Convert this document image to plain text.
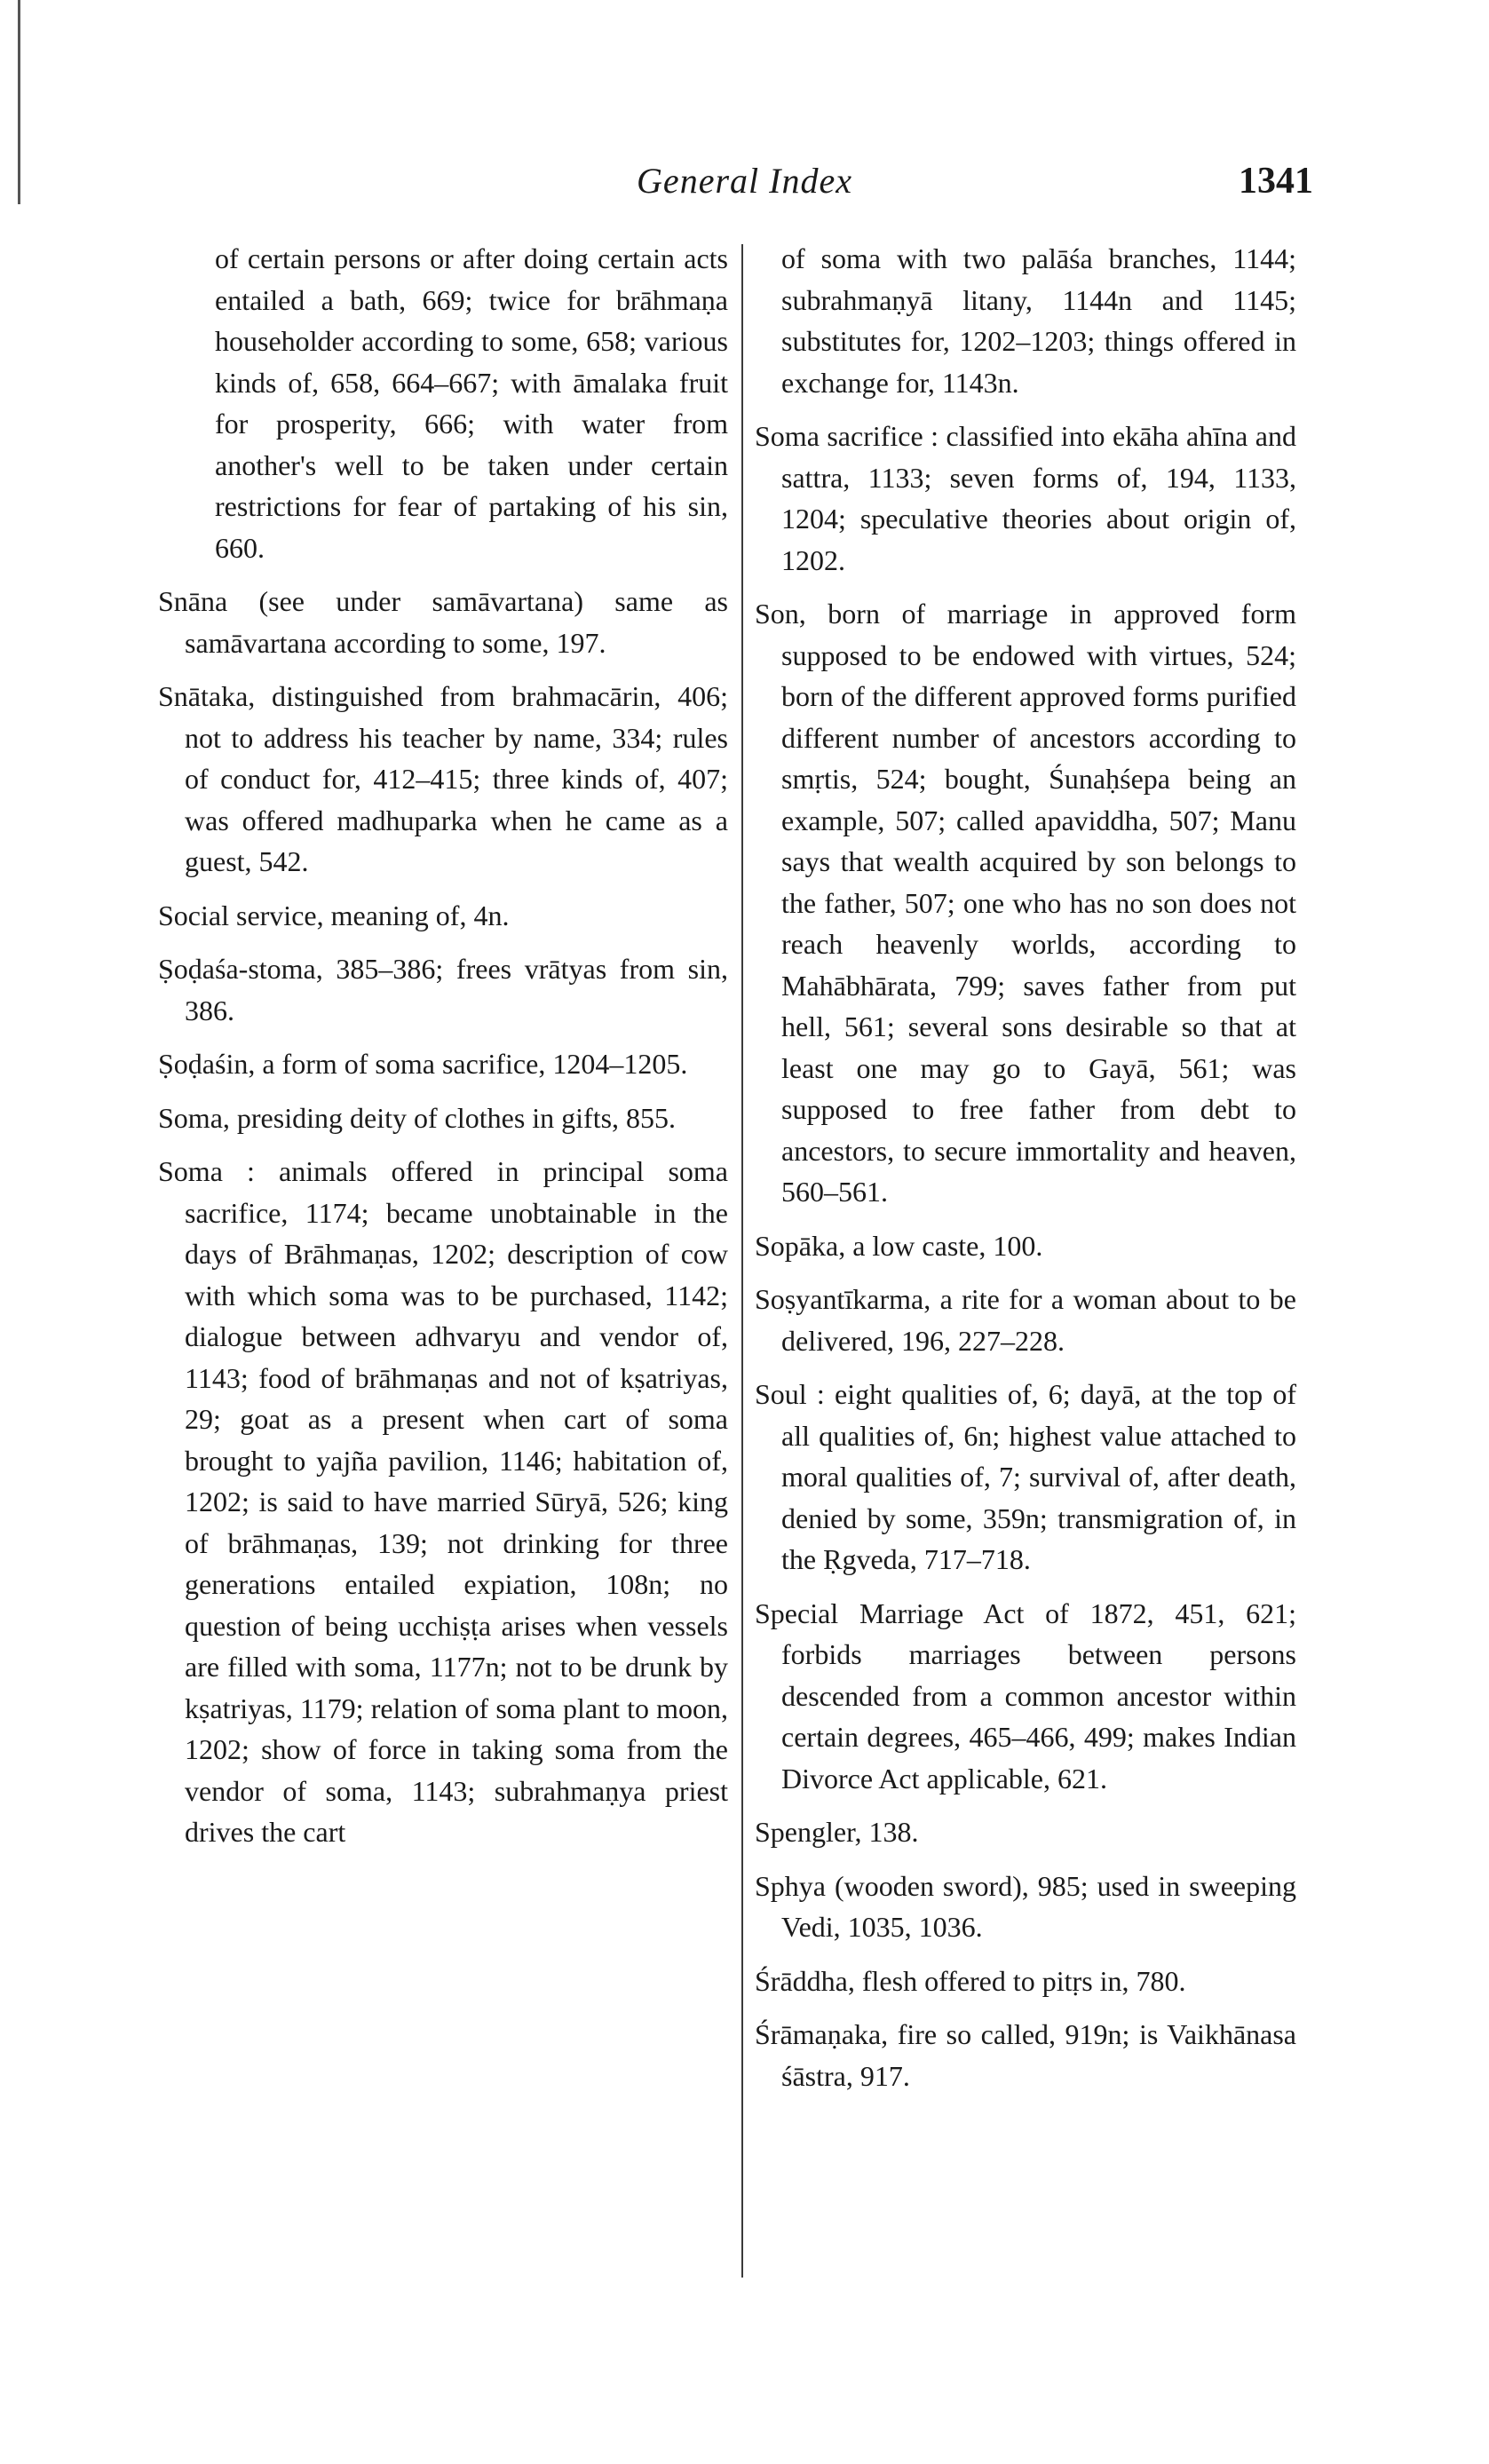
General Index	1341

of certain persons or after doing certain acts entailed a bath, 669; twice for brāhmaṇa householder according to some, 658; various kinds of, 658, 664–667; with āmalaka fruit for prosperity, 666; with water from another's well to be taken under certain restrictions for fear of partaking of his sin, 660.

Snāna (see under samāvartana) same as samāvartana according to some, 197.

Snātaka, distinguished from brahmacārin, 406; not to address his teacher by name, 334; rules of conduct for, 412–415; three kinds of, 407; was offered madhuparka when he came as a guest, 542.

Social service, meaning of, 4n.

Ṣoḍaśa-stoma, 385–386; frees vrātyas from sin, 386.

Ṣoḍaśin, a form of soma sacrifice, 1204–1205.

Soma, presiding deity of clothes in gifts, 855.

Soma : animals offered in principal soma sacrifice, 1174; became unobtainable in the days of Brāhmaṇas, 1202; description of cow with which soma was to be purchased, 1142; dialogue between adhvaryu and vendor of, 1143; food of brāhmaṇas and not of kṣatriyas, 29; goat as a present when cart of soma brought to yajña pavilion, 1146; habitation of, 1202; is said to have married Sūryā, 526; king of brāhmaṇas, 139; not drinking for three generations entailed expiation, 108n; no question of being ucchiṣṭa arises when vessels are filled with soma, 1177n; not to be drunk by kṣatriyas, 1179; relation of soma plant to moon, 1202; show of force in taking soma from the vendor of soma, 1143; subrahmaṇya priest drives the cart

of soma with two palāśa branches, 1144; subrahmaṇyā litany, 1144n and 1145; substitutes for, 1202–1203; things offered in exchange for, 1143n.

Soma sacrifice : classified into ekāha ahīna and sattra, 1133; seven forms of, 194, 1133, 1204; speculative theories about origin of, 1202.

Son, born of marriage in approved form supposed to be endowed with virtues, 524; born of the different approved forms purified different number of ancestors according to smṛtis, 524; bought, Śunaḥśepa being an example, 507; called apaviddha, 507; Manu says that wealth acquired by son belongs to the father, 507; one who has no son does not reach heavenly worlds, according to Mahābhārata, 799; saves father from put hell, 561; several sons desirable so that at least one may go to Gayā, 561; was supposed to free father from debt to ancestors, to secure immortality and heaven, 560–561.

Sopāka, a low caste, 100.

Soṣyantīkarma, a rite for a woman about to be delivered, 196, 227–228.

Soul : eight qualities of, 6; dayā, at the top of all qualities of, 6n; highest value attached to moral qualities of, 7; survival of, after death, denied by some, 359n; transmigration of, in the Ṛgveda, 717–718.

Special Marriage Act of 1872, 451, 621; forbids marriages between persons descended from a common ancestor within certain degrees, 465–466, 499; makes Indian Divorce Act applicable, 621.

Spengler, 138.

Sphya (wooden sword), 985; used in sweeping Vedi, 1035, 1036.

Śrāddha, flesh offered to pitṛs in, 780.

Śrāmaṇaka, fire so called, 919n; is Vaikhānasa śāstra, 917.
